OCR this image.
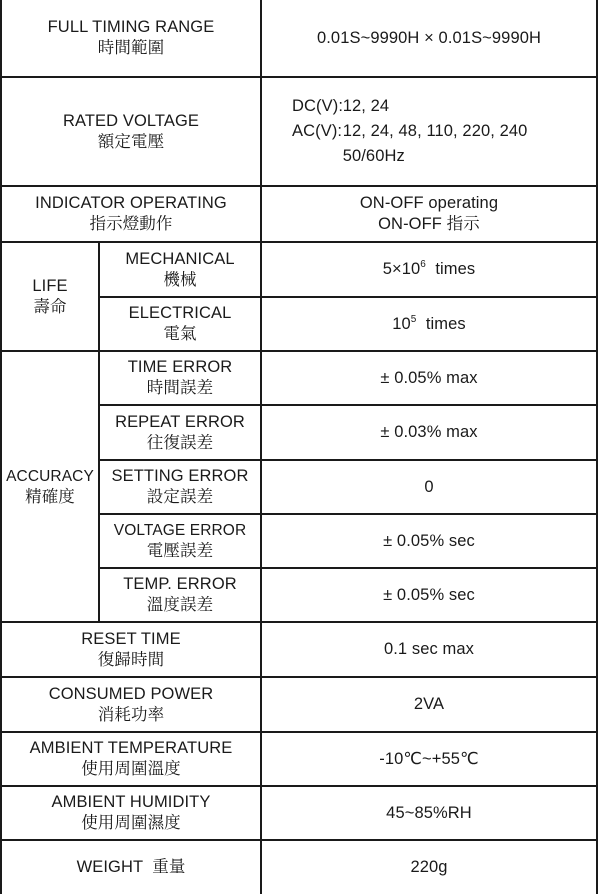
FULL TIMING RANGE
時間範圍
0.01S~9990H × 0.01S~9990H
RATED VOLTAGE
額定電壓
DC(V): 12, 24
AC(V): 12, 24, 48, 110, 220, 240
50/60Hz
INDICATOR OPERATING
指示燈動作
ON-OFF operating
ON-OFF 指示
LIFE
壽命
MECHANICAL
機械
$5\times 10^6$ times
ELECTRICAL
電氣
$10^5$ times
ACCURACY
精確度
TIME ERROR
時間誤差
± 0.05% max
REPEAT ERROR
往復誤差
± 0.03% max
SETTING ERROR
設定誤差
0
VOLTAGE ERROR
電壓誤差
± 0.05% sec
TEMP. ERROR
溫度誤差
± 0.05% sec
RESET TIME
復歸時間
0.1 sec max
CONSUMED POWER
消耗功率
2VA
AMBIENT TEMPERATURE
使用周圍溫度
-10℃~+55℃
AMBIENT HUMIDITY
使用周圍濕度
45~85%RH
WEIGHT  重量	220g
